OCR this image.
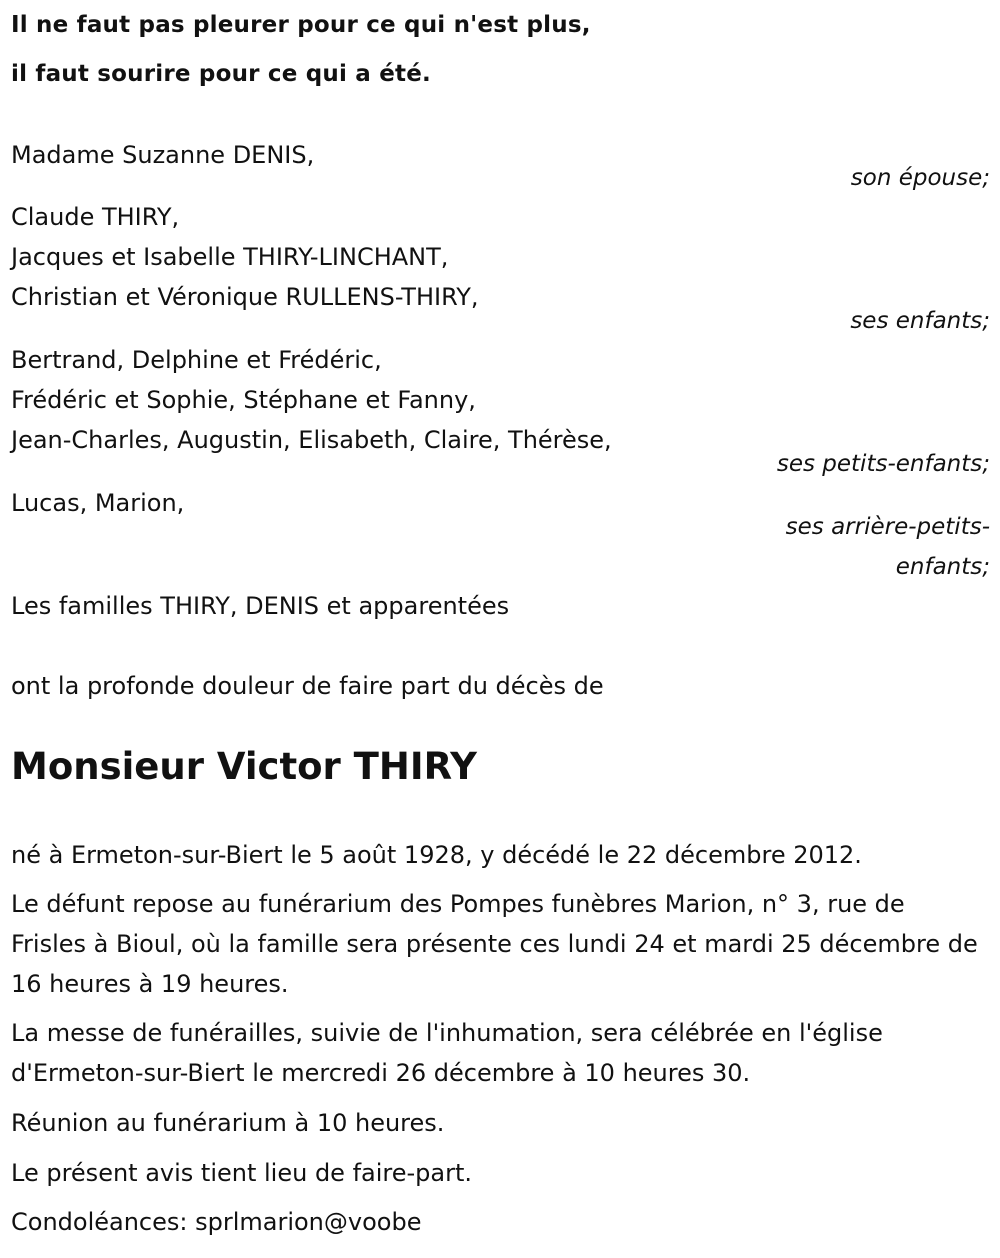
Il ne faut pas pleurer pour ce qui n'est plus,
il faut sourire pour ce qui a été.
Madame Suzanne DENIS,
son épouse;
Claude THIRY,
Jacques et Isabelle THIRY-LINCHANT,
Christian et Véronique RULLENS-THIRY,
ses enfants;
Bertrand, Delphine et Frédéric,
Frédéric et Sophie, Stéphane et Fanny,
Jean-Charles, Augustin, Elisabeth, Claire, Thérèse,
ses petits-enfants;
Lucas, Marion,
ses arrière-petits-
enfants;
Les familles THIRY, DENIS et apparentées
ont la profonde douleur de faire part du décès de
Monsieur Victor THIRY
né à Ermeton-sur-Biert le 5 août 1928, y décédé le 22 décembre 2012.
Le défunt repose au funérarium des Pompes funèbres Marion, n° 3, rue de Frisles à Bioul, où la famille sera présente ces lundi 24 et mardi 25 décembre de 16 heures à 19 heures.
La messe de funérailles, suivie de l'inhumation, sera célébrée en l'église d'Ermeton-sur-Biert le mercredi 26 décembre à 10 heures 30.
Réunion au funérarium à 10 heures.
Le présent avis tient lieu de faire-part.
Condoléances: sprlmarion@voobe
